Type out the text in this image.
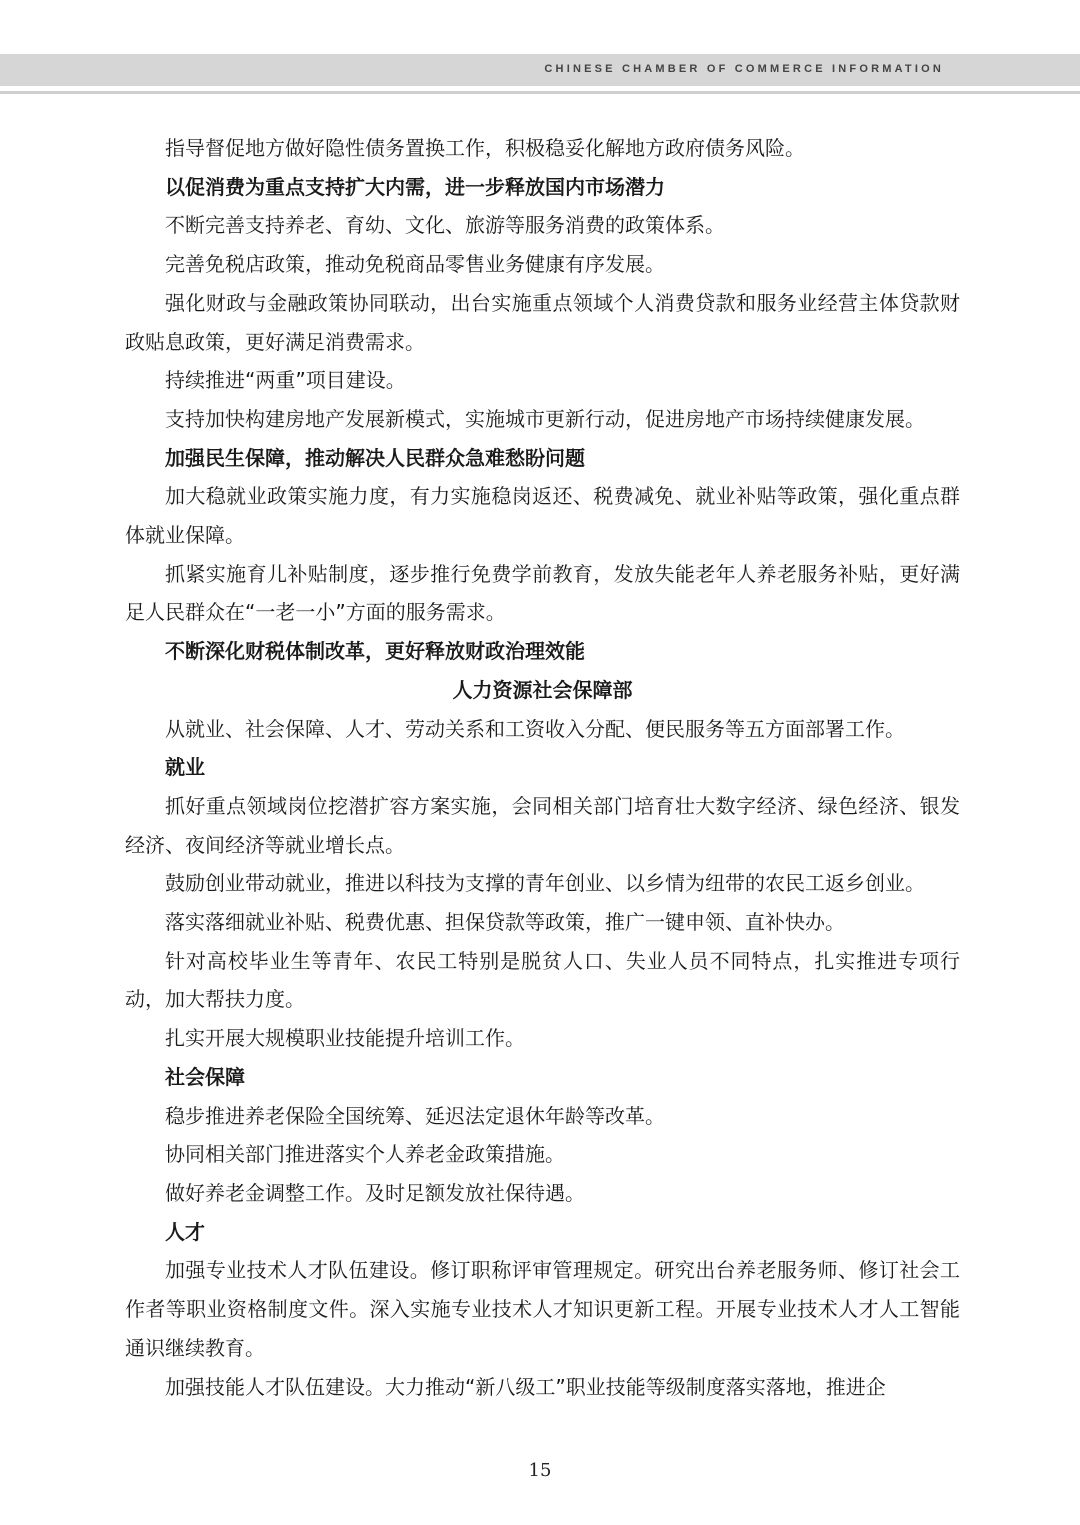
CHINESE CHAMBER OF COMMERCE INFORMATION

指导督促地方做好隐性债务置换工作，积极稳妥化解地方政府债务风险。

以促消费为重点支持扩大内需，进一步释放国内市场潜力

不断完善支持养老、育幼、文化、旅游等服务消费的政策体系。

完善免税店政策，推动免税商品零售业务健康有序发展。

强化财政与金融政策协同联动，出台实施重点领域个人消费贷款和服务业经营主体贷款财政贴息政策，更好满足消费需求。

持续推进“两重”项目建设。

支持加快构建房地产发展新模式，实施城市更新行动，促进房地产市场持续健康发展。

加强民生保障，推动解决人民群众急难愁盼问题

加大稳就业政策实施力度，有力实施稳岗返还、税费减免、就业补贴等政策，强化重点群体就业保障。

抓紧实施育儿补贴制度，逐步推行免费学前教育，发放失能老年人养老服务补贴，更好满足人民群众在“一老一小”方面的服务需求。

不断深化财税体制改革，更好释放财政治理效能

人力资源社会保障部

从就业、社会保障、人才、劳动关系和工资收入分配、便民服务等五方面部署工作。

就业

抓好重点领域岗位挖潜扩容方案实施，会同相关部门培育壮大数字经济、绿色经济、银发经济、夜间经济等就业增长点。

鼓励创业带动就业，推进以科技为支撑的青年创业、以乡情为纽带的农民工返乡创业。

落实落细就业补贴、税费优惠、担保贷款等政策，推广一键申领、直补快办。

针对高校毕业生等青年、农民工特别是脱贫人口、失业人员不同特点，扎实推进专项行动，加大帮扶力度。

扎实开展大规模职业技能提升培训工作。

社会保障

稳步推进养老保险全国统筹、延迟法定退休年龄等改革。

协同相关部门推进落实个人养老金政策措施。

做好养老金调整工作。及时足额发放社保待遇。

人才

加强专业技术人才队伍建设。修订职称评审管理规定。研究出台养老服务师、修订社会工作者等职业资格制度文件。深入实施专业技术人才知识更新工程。开展专业技术人才人工智能通识继续教育。

加强技能人才队伍建设。大力推动“新八级工”职业技能等级制度落实落地，推进企

15
